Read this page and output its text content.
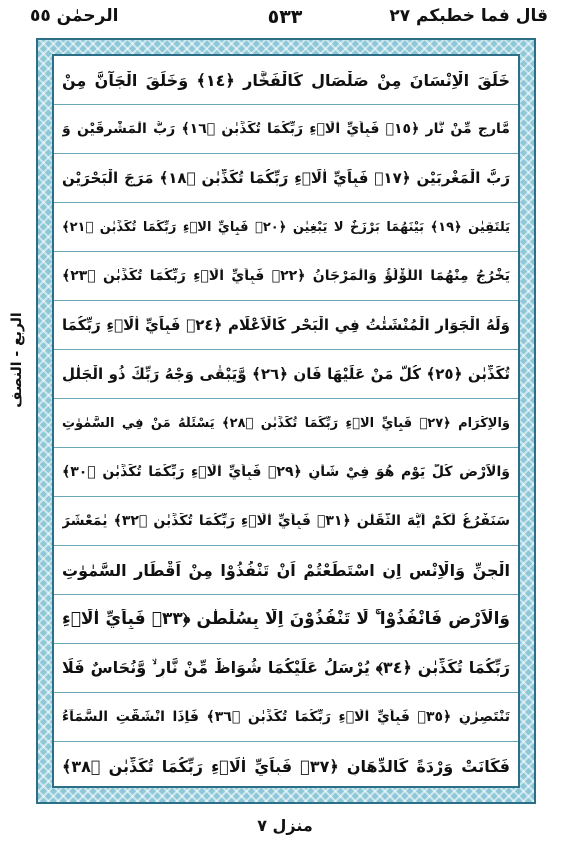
قال فما خطبكم ٢٧
٥٣٣
الرحمٰن ٥٥
الربع - النصف
خَلَقَ الْاِنْسَانَ مِنْ صَلْصَالٍ كَالْفَخَّارِ ﴿١٤﴾ وَخَلَقَ الْجَآنَّ مِنْ
مَّارِجٍ مِّنْ نَّارٍ ﴿١٥﴾ فَبِاَيِّ اٰلَاۤءِ رَبِّكُمَا تُكَذِّبٰنِ ﴿١٦﴾ رَبُّ الْمَشْرِقَيْنِ وَ
رَبُّ الْمَغْرِبَيْنِ ﴿١٧﴾ فَبِاَيِّ اٰلَاۤءِ رَبِّكُمَا تُكَذِّبٰنِ ﴿١٨﴾ مَرَجَ الْبَحْرَيْنِ
يَلْتَقِيٰنِ ﴿١٩﴾ بَيْنَهُمَا بَرْزَخٌ لَّا يَبْغِيٰنِ ﴿٢٠﴾ فَبِاَيِّ اٰلَاۤءِ رَبِّكُمَا تُكَذِّبٰنِ ﴿٢١﴾
يَخْرُجُ مِنْهُمَا اللُّؤْلُؤُ وَالْمَرْجَانُ ﴿٢٢﴾ فَبِاَيِّ اٰلَاۤءِ رَبِّكُمَا تُكَذِّبٰنِ ﴿٢٣﴾
وَلَهُ الْجَوَارِ الْمُنْشَئٰتُ فِي الْبَحْرِ كَالْاَعْلَامِ ﴿٢٤﴾ فَبِاَيِّ اٰلَاۤءِ رَبِّكُمَا
تُكَذِّبٰنِ ﴿٢٥﴾ كُلُّ مَنْ عَلَيْهَا فَانٍ ﴿٢٦﴾ وَّيَبْقٰى وَجْهُ رَبِّكَ ذُو الْجَلٰلِ
وَالْاِكْرَامِ ﴿٢٧﴾ فَبِاَيِّ اٰلَاۤءِ رَبِّكُمَا تُكَذِّبٰنِ ﴿٢٨﴾ يَسْئَلُهُ مَنْ فِي السَّمٰوٰتِ
وَالْاَرْضِ كُلَّ يَوْمٍ هُوَ فِيْ شَاْنٍ ﴿٢٩﴾ فَبِاَيِّ اٰلَاۤءِ رَبِّكُمَا تُكَذِّبٰنِ ﴿٣٠﴾
سَنَفْرُغُ لَكُمْ اَيُّهَ الثَّقَلٰنِ ﴿٣١﴾ فَبِاَيِّ اٰلَاۤءِ رَبِّكُمَا تُكَذِّبٰنِ ﴿٣٢﴾ يٰمَعْشَرَ
الْجِنِّ وَالْاِنْسِ اِنِ اسْتَطَعْتُمْ اَنْ تَنْفُذُوْا مِنْ اَقْطَارِ السَّمٰوٰتِ
وَالْاَرْضِ فَانْفُذُوْا ۚ لَا تَنْفُذُوْنَ اِلَّا بِسُلْطٰنٍ ﴿٣٣﴾ فَبِاَيِّ اٰلَاۤءِ
رَبِّكُمَا تُكَذِّبٰنِ ﴿٣٤﴾ يُرْسَلُ عَلَيْكُمَا شُوَاظٌ مِّنْ نَّارٍ ۙ وَّنُحَاسٌ فَلَا
تَنْتَصِرٰنِ ﴿٣٥﴾ فَبِاَيِّ اٰلَاۤءِ رَبِّكُمَا تُكَذِّبٰنِ ﴿٣٦﴾ فَاِذَا انْشَقَّتِ السَّمَآءُ
فَكَانَتْ وَرْدَةً كَالدِّهَانِ ﴿٣٧﴾ فَبِاَيِّ اٰلَاۤءِ رَبِّكُمَا تُكَذِّبٰنِ ﴿٣٨﴾
منزل ٧
